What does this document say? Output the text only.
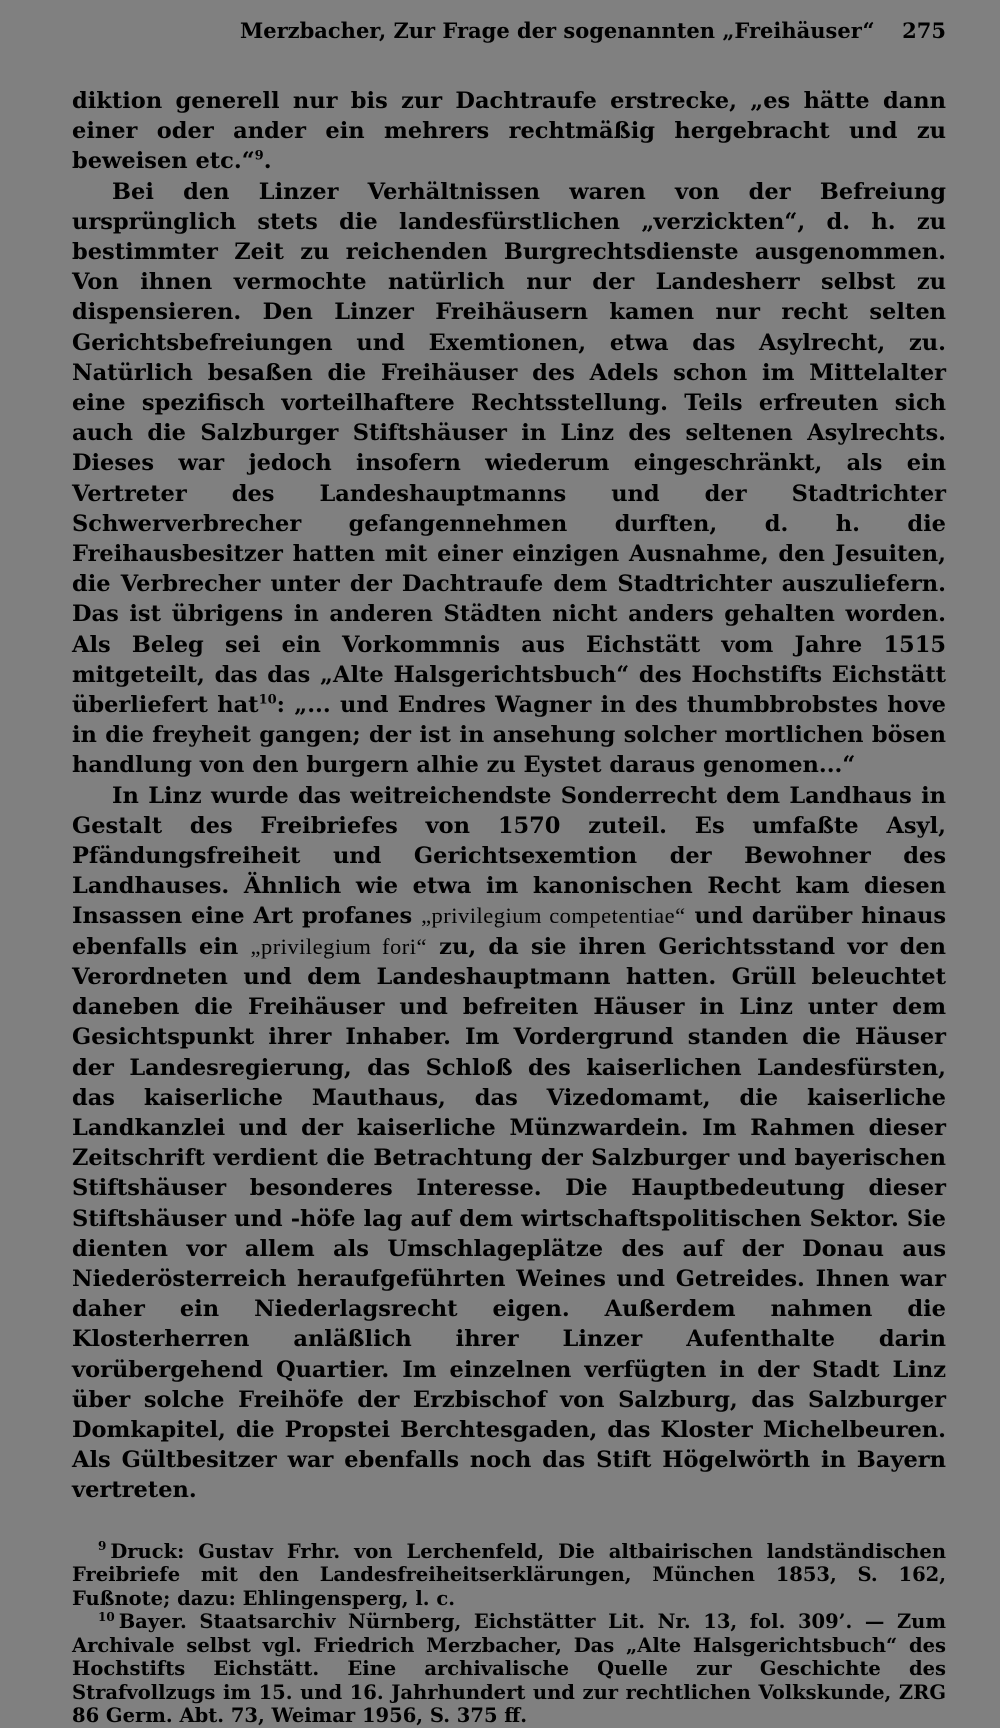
Merzbacher, Zur Frage der sogenannten „Freihäuser“ 275

diktion generell nur bis zur Dachtraufe erstrecke, „es hätte dann einer oder ander ein mehrers rechtmäßig hergebracht und zu beweisen etc.“$^9$.

Bei den Linzer Verhältnissen waren von der Befreiung ursprünglich stets die landesfürstlichen „verzickten“, d. h. zu bestimmter Zeit zu reichenden Burgrechtsdienste ausgenommen. Von ihnen vermochte natürlich nur der Landesherr selbst zu dispensieren. Den Linzer Freihäusern kamen nur recht selten Gerichtsbefreiungen und Exemtionen, etwa das Asylrecht, zu. Natürlich besaßen die Freihäuser des Adels schon im Mittelalter eine spezifisch vorteilhaftere Rechtsstellung. Teils erfreuten sich auch die Salzburger Stiftshäuser in Linz des seltenen Asylrechts. Dieses war jedoch insofern wiederum eingeschränkt, als ein Vertreter des Landeshauptmanns und der Stadtrichter Schwerverbrecher gefangennehmen durften, d. h. die Freihausbesitzer hatten mit einer einzigen Ausnahme, den Jesuiten, die Verbrecher unter der Dachtraufe dem Stadtrichter auszuliefern. Das ist übrigens in anderen Städten nicht anders gehalten worden. Als Beleg sei ein Vorkommnis aus Eichstätt vom Jahre 1515 mitgeteilt, das das „Alte Halsgerichtsbuch“ des Hochstifts Eichstätt überliefert hat$^{10}$: „... und Endres Wagner in des thumbbrobstes hove in die freyheit gangen; der ist in ansehung solcher mortlichen bösen handlung von den burgern alhie zu Eystet daraus genomen...“

In Linz wurde das weitreichendste Sonderrecht dem Landhaus in Gestalt des Freibriefes von 1570 zuteil. Es umfaßte Asyl, Pfändungsfreiheit und Gerichtsexemtion der Bewohner des Landhauses. Ähnlich wie etwa im kanonischen Recht kam diesen Insassen eine Art profanes „privilegium competentiae“ und darüber hinaus ebenfalls ein „privilegium fori“ zu, da sie ihren Gerichtsstand vor den Verordneten und dem Landeshauptmann hatten. Grüll beleuchtet daneben die Freihäuser und befreiten Häuser in Linz unter dem Gesichtspunkt ihrer Inhaber. Im Vordergrund standen die Häuser der Landesregierung, das Schloß des kaiserlichen Landesfürsten, das kaiserliche Mauthaus, das Vizedomamt, die kaiserliche Landkanzlei und der kaiserliche Münzwardein. Im Rahmen dieser Zeitschrift verdient die Betrachtung der Salzburger und bayerischen Stiftshäuser besonderes Interesse. Die Hauptbedeutung dieser Stiftshäuser und -höfe lag auf dem wirtschaftspolitischen Sektor. Sie dienten vor allem als Umschlageplätze des auf der Donau aus Niederösterreich heraufgeführten Weines und Getreides. Ihnen war daher ein Niederlagsrecht eigen. Außerdem nahmen die Klosterherren anläßlich ihrer Linzer Aufenthalte darin vorübergehend Quartier. Im einzelnen verfügten in der Stadt Linz über solche Freihöfe der Erzbischof von Salzburg, das Salzburger Domkapitel, die Propstei Berchtesgaden, das Kloster Michelbeuren. Als Gültbesitzer war ebenfalls noch das Stift Högelwörth in Bayern vertreten.

$^9$ Druck: Gustav Frhr. von Lerchenfeld, Die altbairischen landständischen Freibriefe mit den Landesfreiheitserklärungen, München 1853, S. 162, Fußnote; dazu: Ehlingensperg, l. c.

$^{10}$ Bayer. Staatsarchiv Nürnberg, Eichstätter Lit. Nr. 13, fol. 309’. — Zum Archivale selbst vgl. Friedrich Merzbacher, Das „Alte Halsgerichtsbuch“ des Hochstifts Eichstätt. Eine archivalische Quelle zur Geschichte des Strafvollzugs im 15. und 16. Jahrhundert und zur rechtlichen Volkskunde, ZRG 86 Germ. Abt. 73, Weimar 1956, S. 375 ff.
